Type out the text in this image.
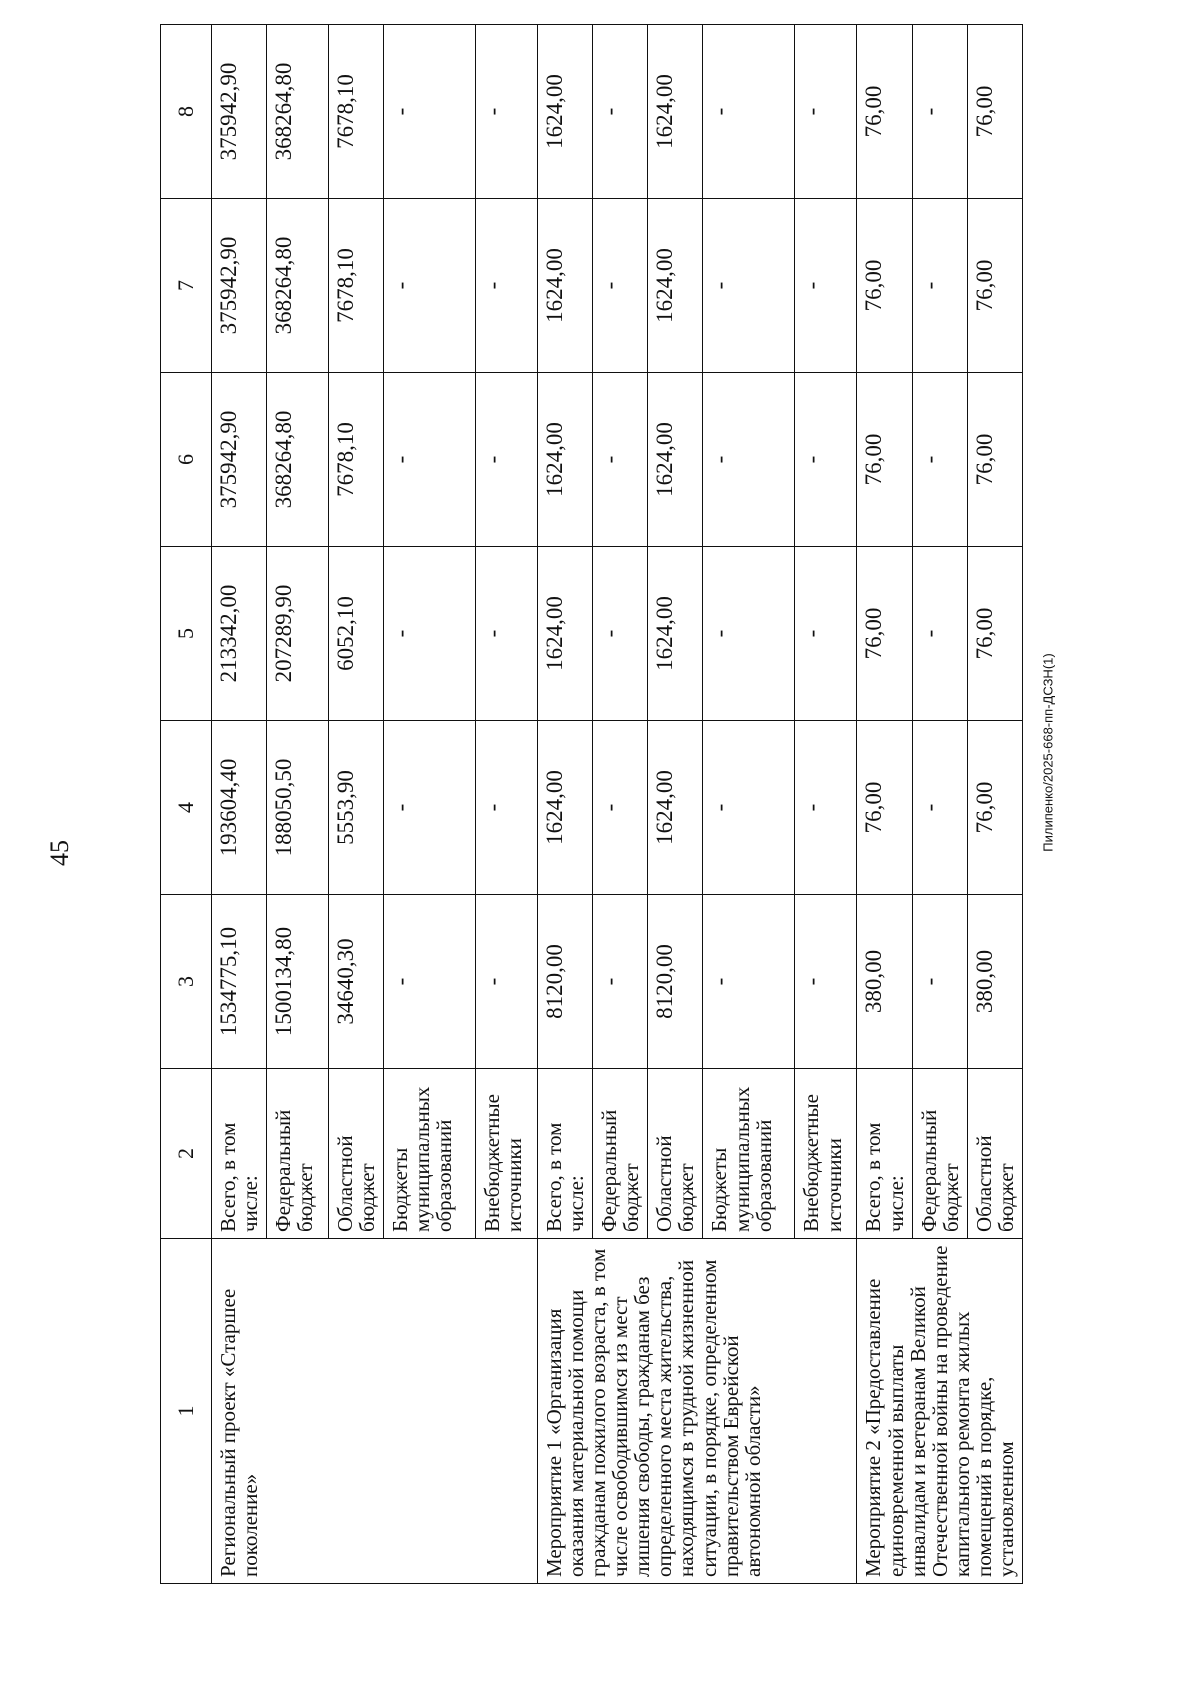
45
Пилипенко/2025-668-пп-ДСЗН(1)
1	2	3	4	5	6	7	8
Региональный проект «Старшее поколение»	Всего, в том числе:	1534775,10	193604,40	213342,00	375942,90	375942,90	375942,90
	Федеральный бюджет	1500134,80	188050,50	207289,90	368264,80	368264,80	368264,80
	Областной бюджет	34640,30	5553,90	6052,10	7678,10	7678,10	7678,10
	Бюджеты муниципальных образований	-	-	-	-	-	-
	Внебюджетные источники	-	-	-	-	-	-
Мероприятие 1 «Организация оказания материальной помощи гражданам пожилого возраста, в том числе освободившимся из мест лишения свободы, гражданам без определенного места жительства, находящимся в трудной жизненной ситуации, в порядке, определенном правительством Еврейской автономной области»	Всего, в том числе:	8120,00	1624,00	1624,00	1624,00	1624,00	1624,00
	Федеральный бюджет	-	-	-	-	-	-
	Областной бюджет	8120,00	1624,00	1624,00	1624,00	1624,00	1624,00
	Бюджеты муниципальных образований	-	-	-	-	-	-
	Внебюджетные источники	-	-	-	-	-	-
Мероприятие 2 «Предоставление единовременной выплаты инвалидам и ветеранам Великой Отечественной войны на проведение капитального ремонта жилых помещений в порядке, установленном	Всего, в том числе:	380,00	76,00	76,00	76,00	76,00	76,00
	Федеральный бюджет	-	-	-	-	-	-
	Областной бюджет	380,00	76,00	76,00	76,00	76,00	76,00
